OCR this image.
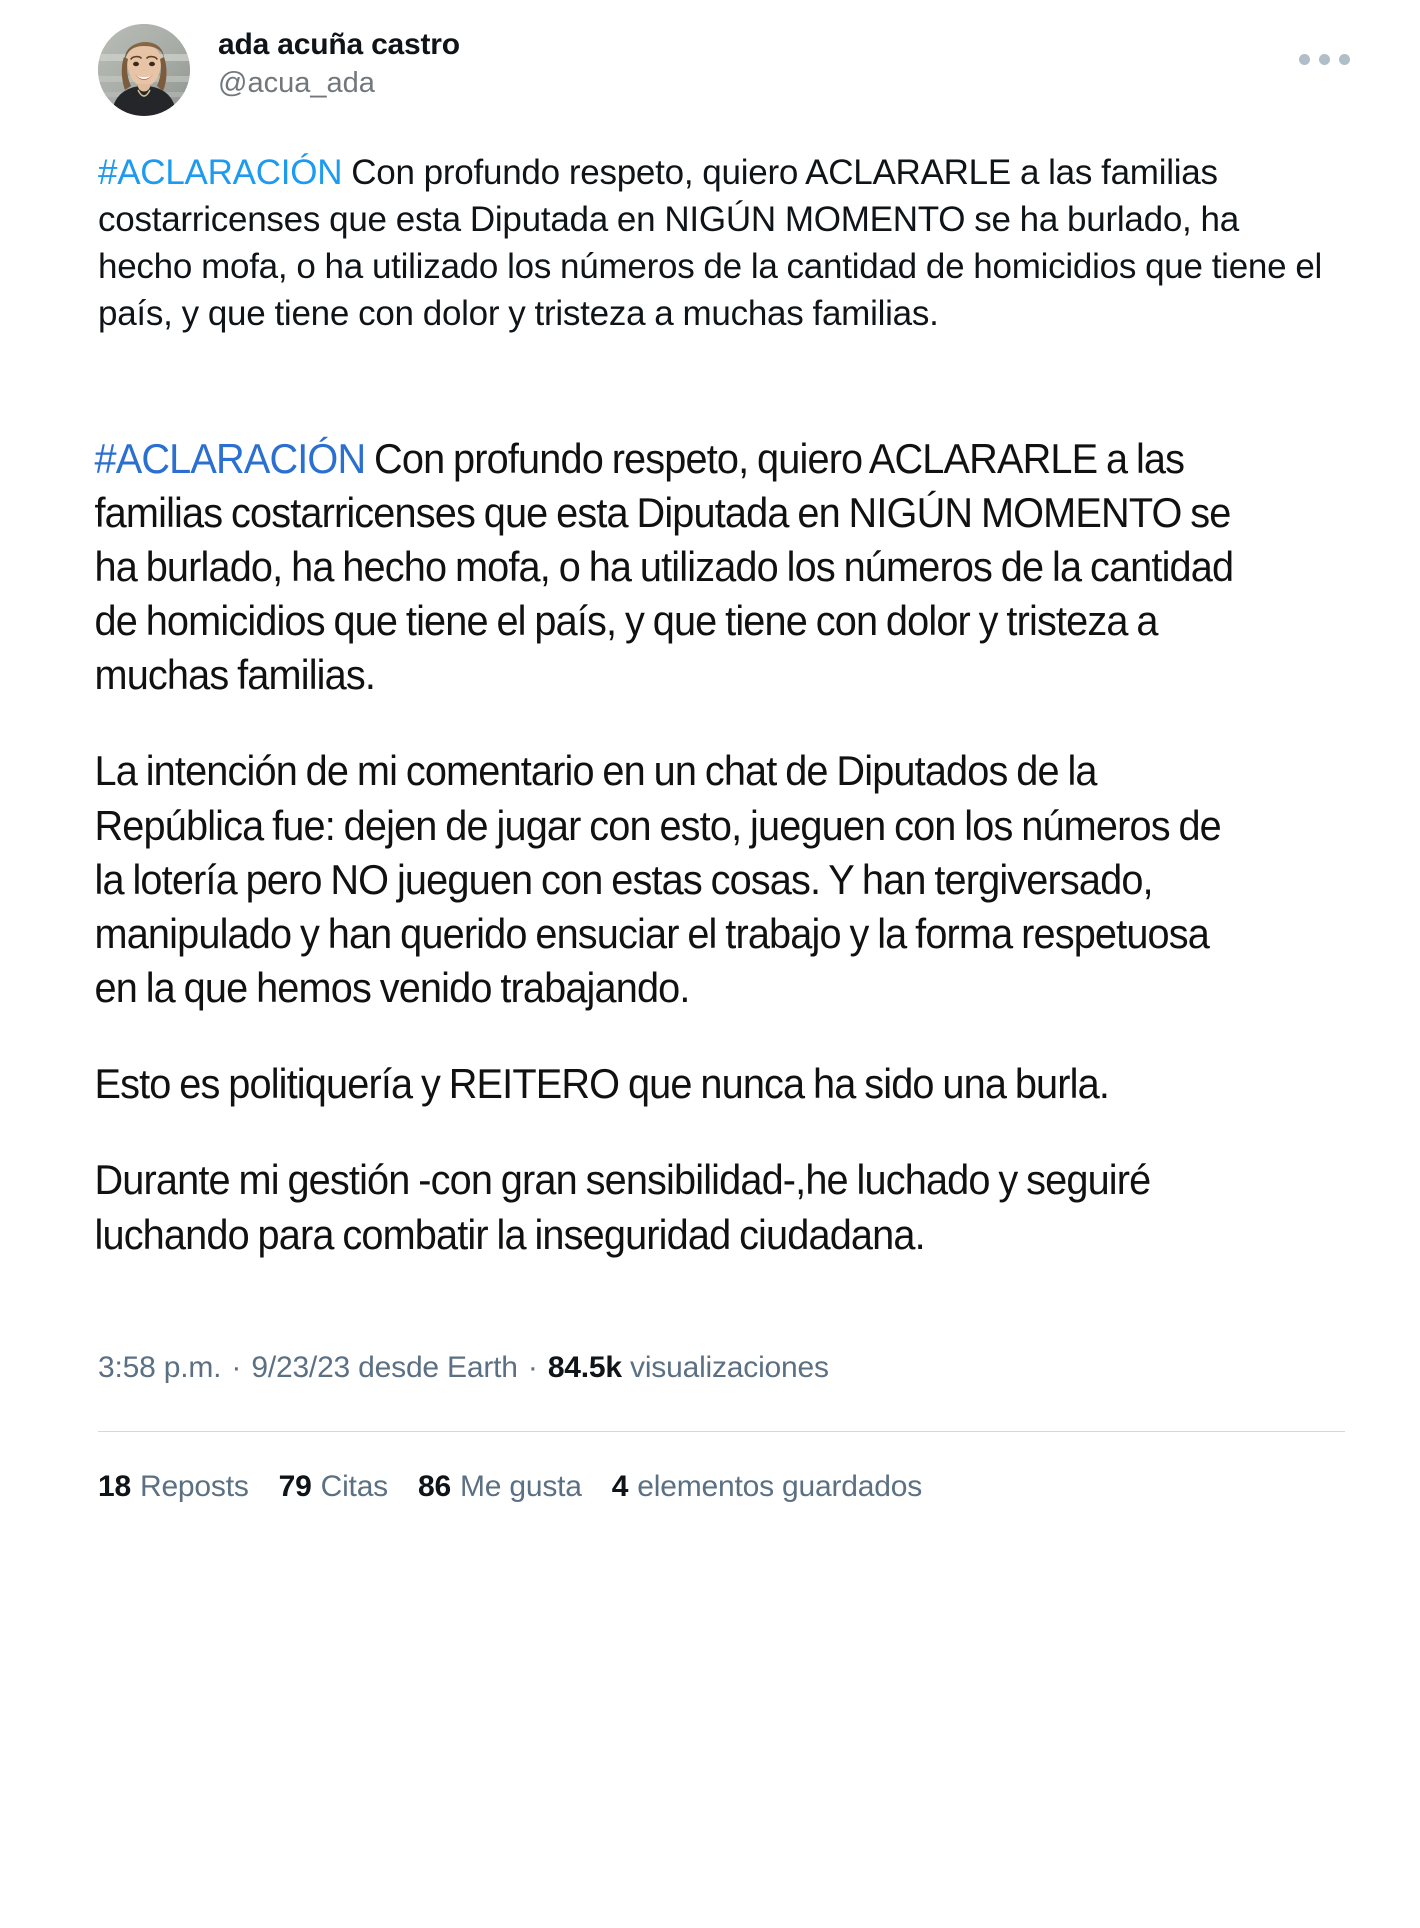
ada acuña castro
@acua_ada
#ACLARACIÓN Con profundo respeto, quiero ACLARARLE a las familias costarricenses que esta Diputada en NIGÚN MOMENTO se ha burlado, ha hecho mofa, o ha utilizado los números de la cantidad de homicidios que tiene el país, y que tiene con dolor y tristeza a muchas familias.

#ACLARACIÓN Con profundo respeto, quiero ACLARARLE a las familias costarricenses que esta Diputada en NIGÚN MOMENTO se ha burlado, ha hecho mofa, o ha utilizado los números de la cantidad de homicidios que tiene el país, y que tiene con dolor y tristeza a muchas familias.

La intención de mi comentario en un chat de Diputados de la República fue: dejen de jugar con esto, jueguen con los números de la lotería pero NO jueguen con estas cosas. Y han tergiversado, manipulado y han querido ensuciar el trabajo y la forma respetuosa en la que hemos venido trabajando.

Esto es politiquería y REITERO que nunca ha sido una burla.

Durante mi gestión -con gran sensibilidad-,he luchado y seguiré luchando para combatir la inseguridad ciudadana.

3:58 p.m. · 9/23/23 desde Earth · 84.5k visualizaciones
18 Reposts 79 Citas 86 Me gusta 4 elementos guardados
